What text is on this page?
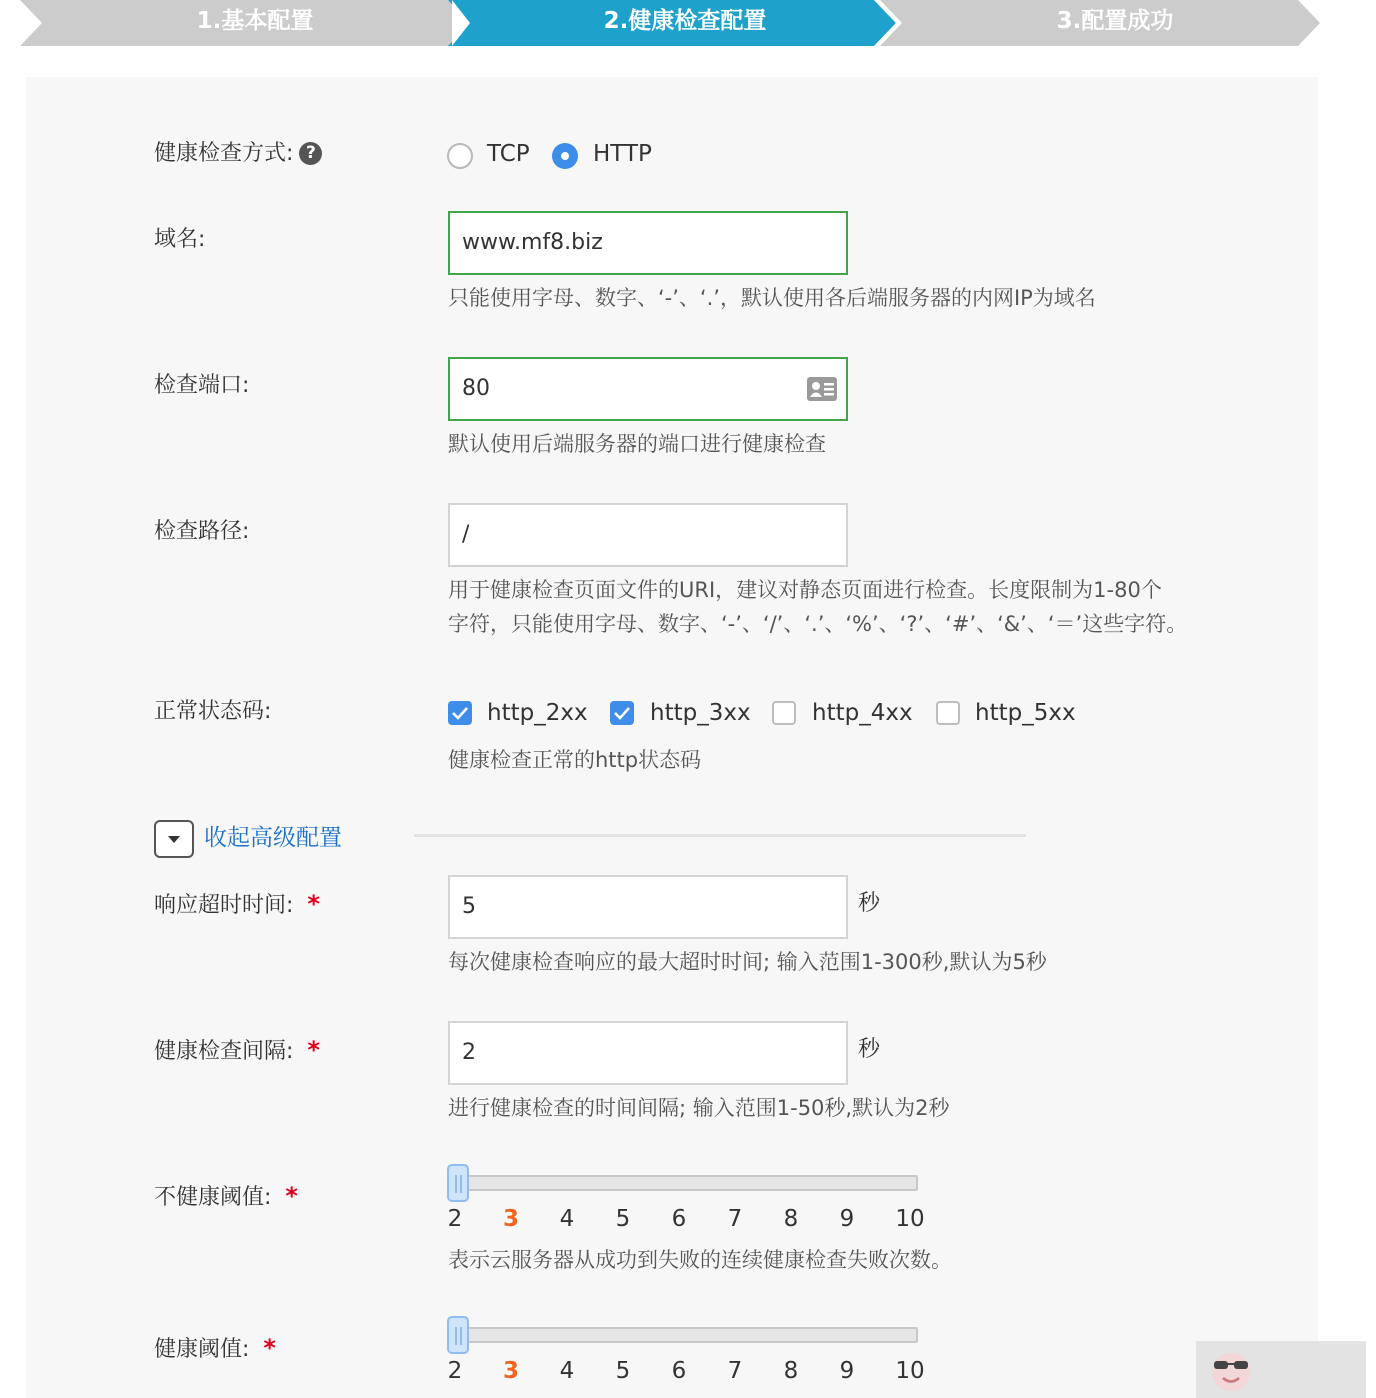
1.基本配置	2.健康检查配置	3.配置成功
健康检查方式: ?	TCP	HTTP
域名:	www.mf8.biz
只能使用字母、数字、‘-’、‘.’，默认使用各后端服务器的内网IP为域名
检查端口:	80
默认使用后端服务器的端口进行健康检查
检查路径:	/
用于健康检查页面文件的URI，建议对静态页面进行检查。长度限制为1-80个
字符，只能使用字母、数字、‘-’、‘/’、‘.’、‘%’、‘?’、‘#’、‘&’、‘＝’这些字符。
正常状态码:	http_2xx	http_3xx	http_4xx	http_5xx
健康检查正常的http状态码
收起高级配置
响应超时时间: *	5	秒
每次健康检查响应的最大超时时间; 输入范围1-300秒,默认为5秒
健康检查间隔: *	2	秒
进行健康检查的时间间隔; 输入范围1-50秒,默认为2秒
不健康阈值: *
2	3	4	5	6	7	8	9	10
表示云服务器从成功到失败的连续健康检查失败次数。
健康阈值: *
2	3	4	5	6	7	8	9	10
